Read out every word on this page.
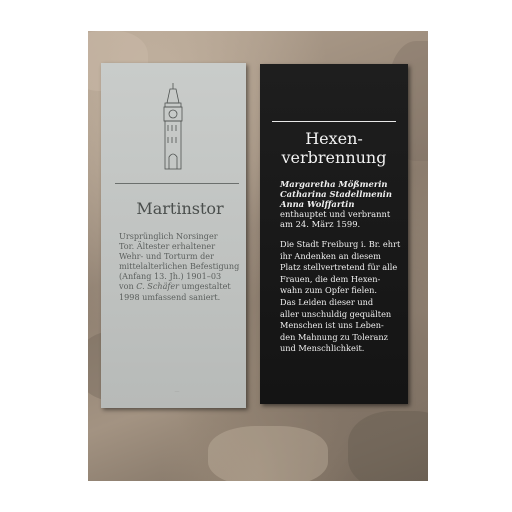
Martinstor
Ursprünglich Norsinger
Tor. Ältester erhaltener
Wehr- und Torturm der
mittelalterlichen Befestigung
(Anfang 13. Jh.) 1901–03
von C. Schäfer umgestaltet
1998 umfassend saniert.
—
Hexen-
verbrennung
Margaretha Mößmerin
Catharina Stadellmenin
Anna Wolffartin
enthauptet und verbrannt
am 24. März 1599.
Die Stadt Freiburg i. Br. ehrt
ihr Andenken an diesem
Platz stellvertretend für alle
Frauen, die dem Hexen-
wahn zum Opfer fielen.
Das Leiden dieser und
aller unschuldig gequälten
Menschen ist uns Leben-
den Mahnung zu Toleranz
und Menschlichkeit.
